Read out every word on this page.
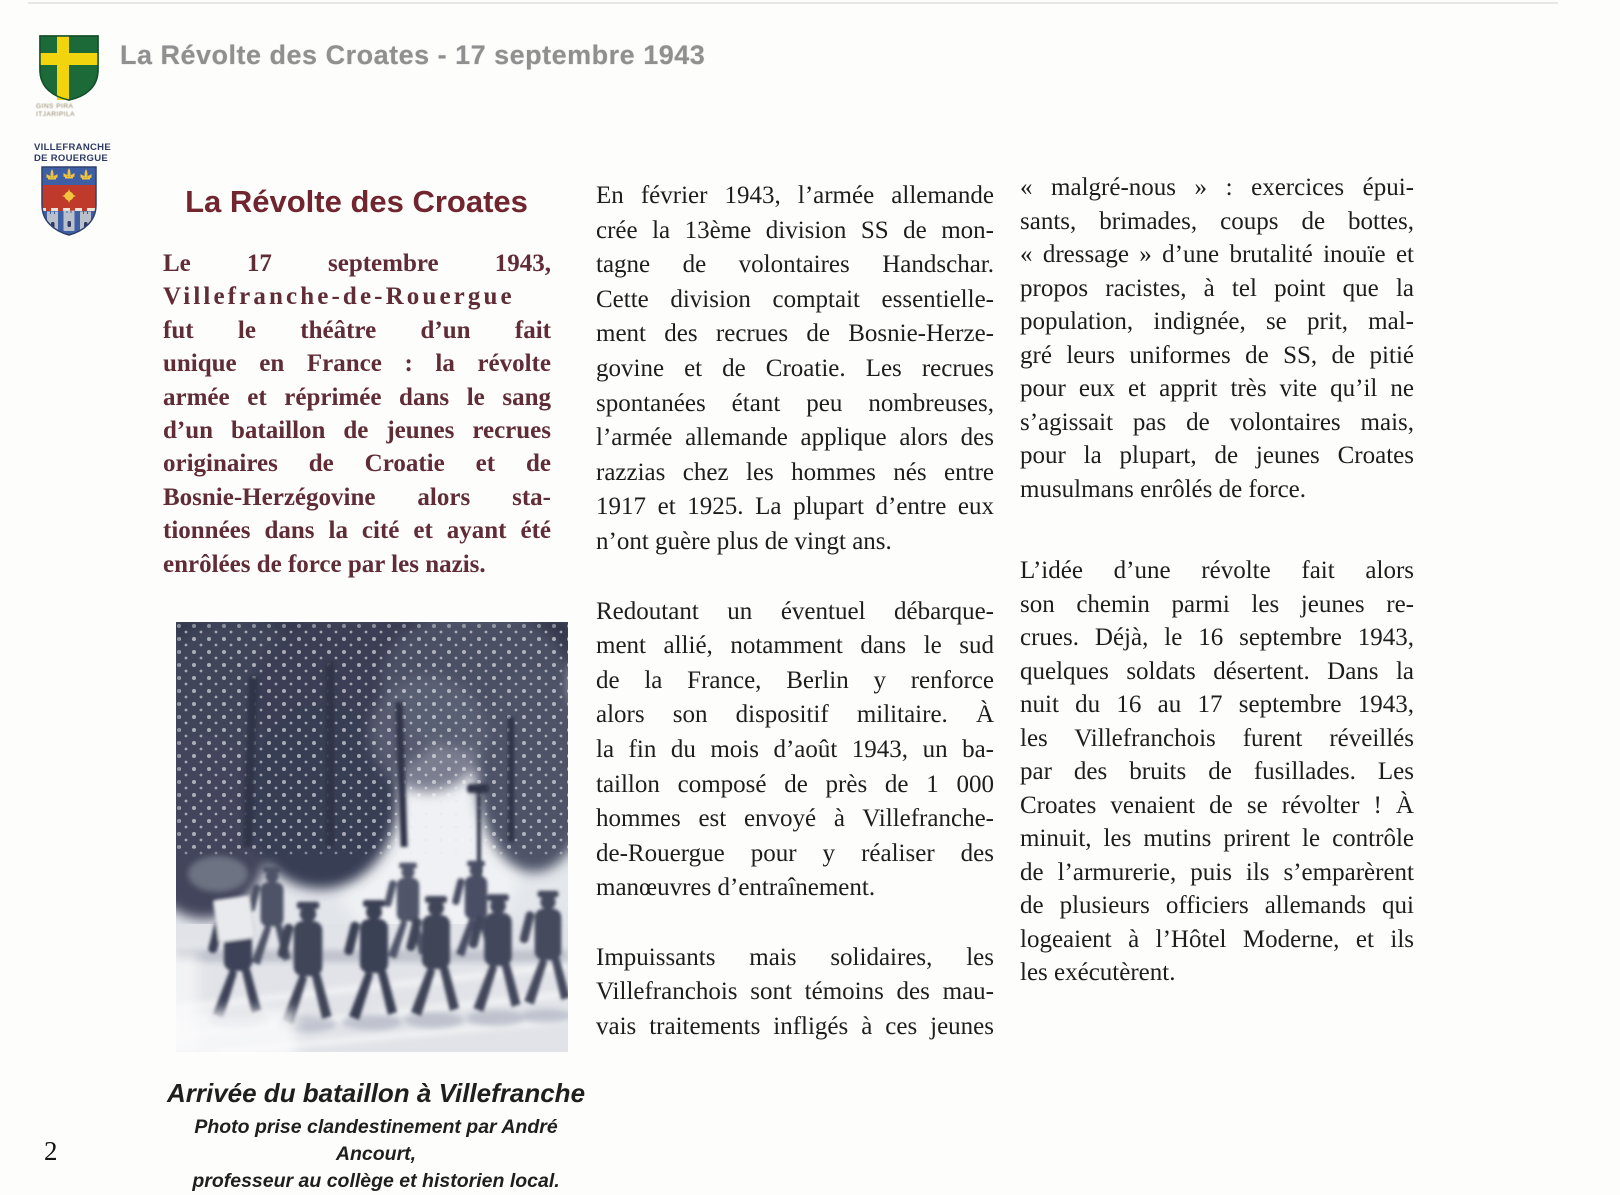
GINS PIRA
ITJARIPILA
VILLEFRANCHE
DE ROUERGUE
La Révolte des Croates - 17 septembre 1943
La Révolte des Croates
Le 17 septembre 1943,
Villefranche-de-Rouergue
fut le théâtre d’un fait
unique en France : la révolte
armée et réprimée dans le sang
d’un bataillon de jeunes recrues
originaires de Croatie et de
Bosnie-Herzégovine alors sta-
tionnées dans la cité et ayant été
enrôlées de force par les nazis.
Arrivée du bataillon à Villefranche
Photo prise clandestinement par André Ancourt,
professeur au collège et historien local.
En février 1943, l’armée allemande
crée la 13ème division SS de mon-
tagne de volontaires Handschar.
Cette division comptait essentielle-
ment des recrues de Bosnie-Herze-
govine et de Croatie. Les recrues
spontanées étant peu nombreuses,
l’armée allemande applique alors des
razzias chez les hommes nés entre
1917 et 1925. La plupart d’entre eux
n’ont guère plus de vingt ans.
Redoutant un éventuel débarque-
ment allié, notamment dans le sud
de la France, Berlin y renforce
alors son dispositif militaire. À
la fin du mois d’août 1943, un ba-
taillon composé de près de 1 000
hommes est envoyé à Villefranche-
de-Rouergue pour y réaliser des
manœuvres d’entraînement.
Impuissants mais solidaires, les
Villefranchois sont témoins des mau-
vais traitements infligés à ces jeunes
« malgré-nous » : exercices épui-
sants, brimades, coups de bottes,
« dressage » d’une brutalité inouïe et
propos racistes, à tel point que la
population, indignée, se prit, mal-
gré leurs uniformes de SS, de pitié
pour eux et apprit très vite qu’il ne
s’agissait pas de volontaires mais,
pour la plupart, de jeunes Croates
musulmans enrôlés de force.
L’idée d’une révolte fait alors
son chemin parmi les jeunes re-
crues. Déjà, le 16 septembre 1943,
quelques soldats désertent. Dans la
nuit du 16 au 17 septembre 1943,
les Villefranchois furent réveillés
par des bruits de fusillades. Les
Croates venaient de se révolter ! À
minuit, les mutins prirent le contrôle
de l’armurerie, puis ils s’emparèrent
de plusieurs officiers allemands qui
logeaient à l’Hôtel Moderne, et ils
les exécutèrent.
2
